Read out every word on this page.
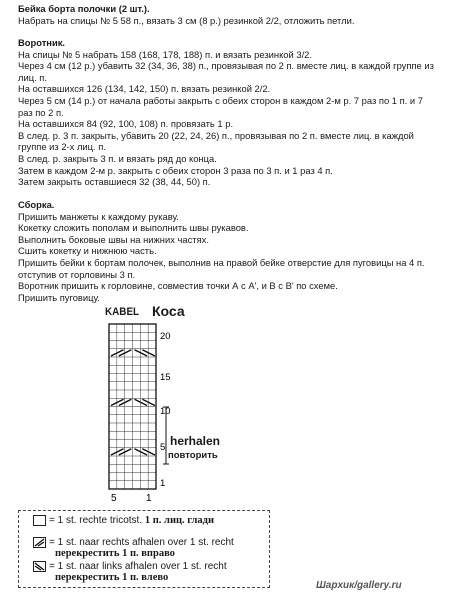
Бейка борта полочки (2 шт.).

Набрать на спицы № 5 58 п., вязать 3 см (8 р.) резинкой 2/2, отложить петли.

Воротник.

На спицы № 5 набрать 158 (168, 178, 188) п. и вязать резинкой 3/2.

Через 4 см (12 р.) убавить 32 (34, 36, 38) п., провязывая по 2 п. вместе лиц. в каждой группе из

лиц. п.

На оставшихся 126 (134, 142, 150) п. вязать резинкой 2/2.

Через 5 см (14 р.) от начала работы закрыть с обеих сторон в каждом 2-м р. 7 раз по 1 п. и 7

раз по 2 п.

На оставшихся 84 (92, 100, 108) п. провязать 1 р.

В след. р. 3 п. закрыть, убавить 20 (22, 24, 26) п., провязывая по 2 п. вместе лиц. в каждой

группе из 2-х лиц. п.

В след. р. закрыть 3 п. и вязать ряд до конца.

Затем в каждом 2-м р. закрыть с обеих сторон 3 раза по 3 п. и 1 раз 4 п.

Затем закрыть оставшиеся 32 (38, 44, 50) п.

Сборка.

Пришить манжеты к каждому рукаву.

Кокетку сложить пополам и выполнить швы рукавов.

Выполнить боковые швы на нижних частях.

Сшить кокетку и нижнюю часть.

Пришить бейки к бортам полочек, выполнив на правой бейке отверстие для пуговицы на 4 п.

отступив от горловины 3 п.

Воротник пришить к горловине, совместив точки А с А', и В с В' по схеме.

Пришить пуговицу.

KABEL Коса
20
15
10
5
1
5	1
herhalen
повторить
= 1 st. rechte tricotst. 1 п. лиц. глади
= 1 st. naar rechts afhalen over 1 st. recht
перекрестить 1 п. вправо
= 1 st. naar links afhalen over 1 st. recht
перекрестить 1 п. влево
Шарxик/gallery.ru
